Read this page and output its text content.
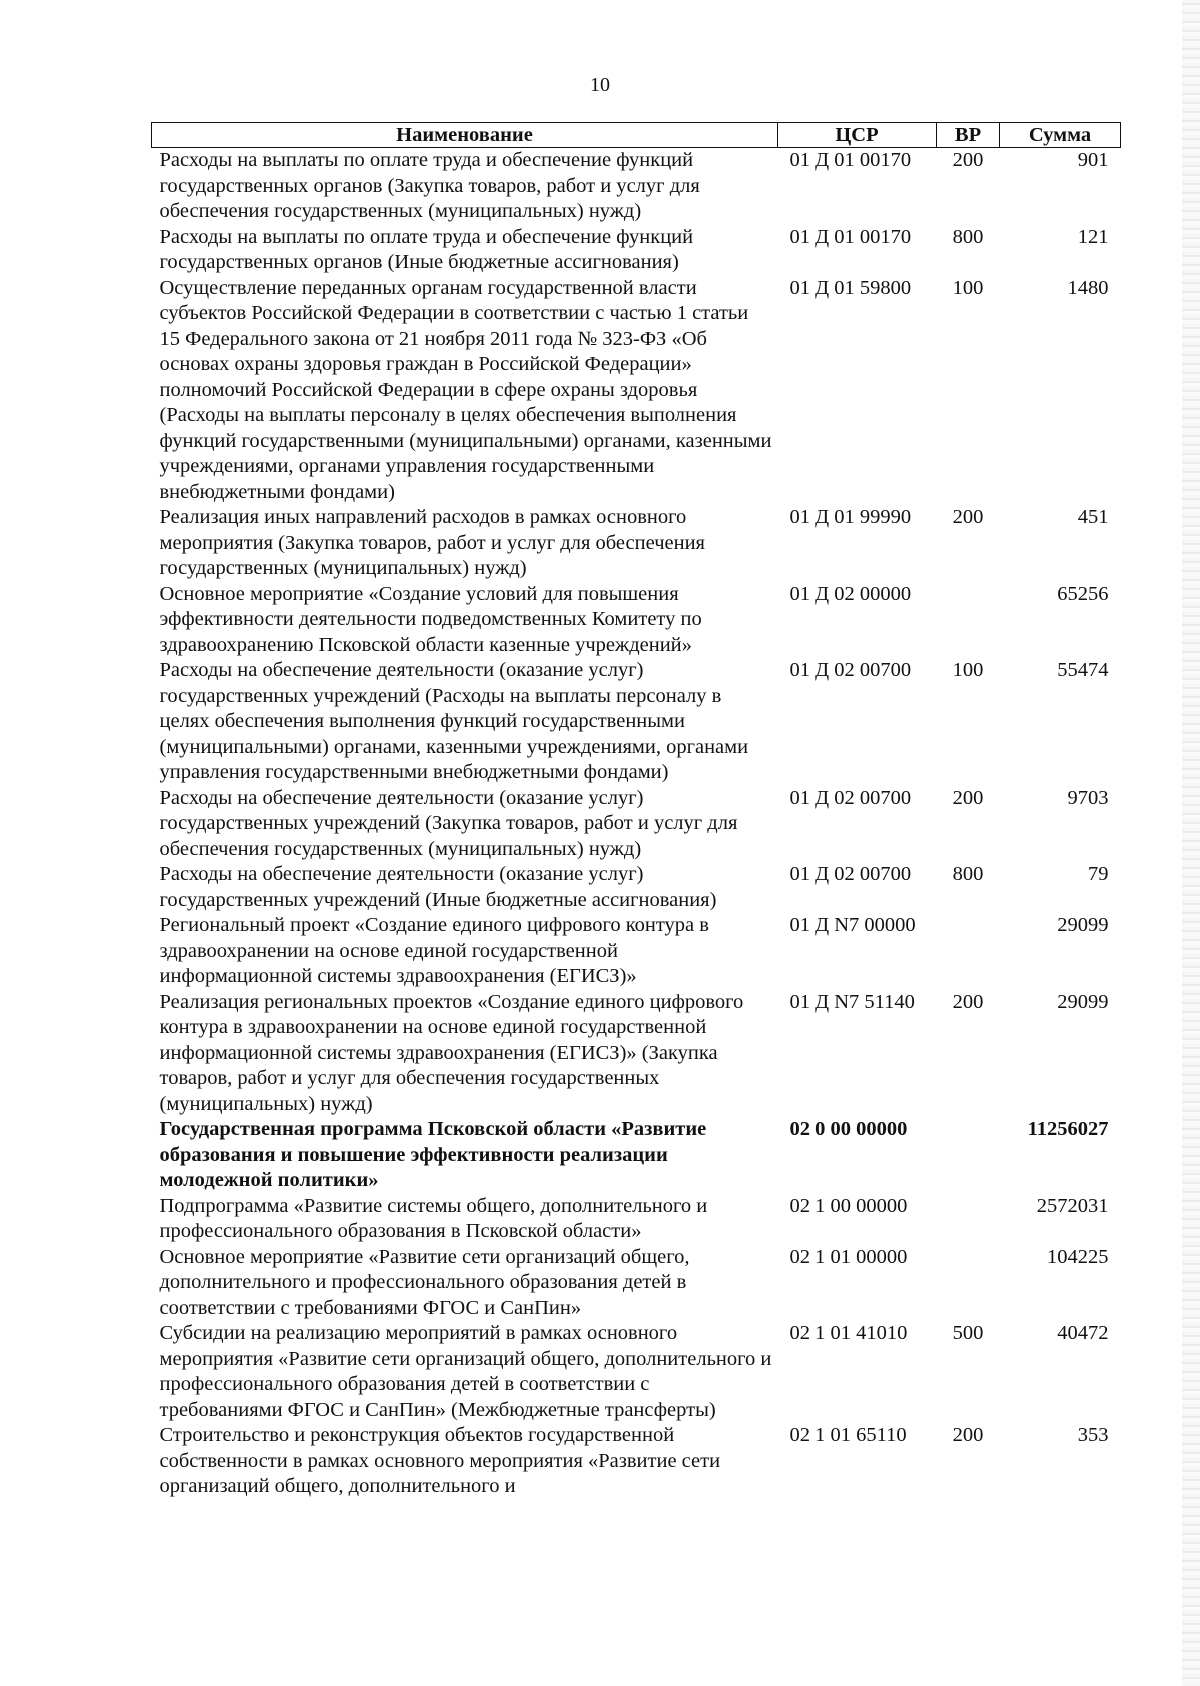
10
Наименование	ЦСР	ВР	Сумма
Расходы на выплаты по оплате труда и обеспечение функций государственных органов (Закупка товаров, работ и услуг для обеспечения государственных (муниципальных) нужд)	01 Д 01 00170	200	901
Расходы на выплаты по оплате труда и обеспечение функций государственных органов (Иные бюджетные ассигнования)	01 Д 01 00170	800	121
Осуществление переданных органам государственной власти субъектов Российской Федерации в соответствии с частью 1 статьи 15 Федерального закона от 21 ноября 2011 года № 323-ФЗ «Об основах охраны здоровья граждан в Российской Федерации» полномочий Российской Федерации в сфере охраны здоровья (Расходы на выплаты персоналу в целях обеспечения выполнения функций государственными (муниципальными) органами, казенными учреждениями, органами управления государственными внебюджетными фондами)	01 Д 01 59800	100	1480
Реализация иных направлений расходов в рамках основного мероприятия (Закупка товаров, работ и услуг для обеспечения государственных (муниципальных) нужд)	01 Д 01 99990	200	451
Основное мероприятие «Создание условий для повышения эффективности деятельности подведомственных Комитету по здравоохранению Псковской области казенные учреждений»	01 Д 02 00000		65256
Расходы на обеспечение деятельности (оказание услуг) государственных учреждений (Расходы на выплаты персоналу в целях обеспечения выполнения функций государственными (муниципальными) органами, казенными учреждениями, органами управления государственными внебюджетными фондами)	01 Д 02 00700	100	55474
Расходы на обеспечение деятельности (оказание услуг) государственных учреждений (Закупка товаров, работ и услуг для обеспечения государственных (муниципальных) нужд)	01 Д 02 00700	200	9703
Расходы на обеспечение деятельности (оказание услуг) государственных учреждений (Иные бюджетные ассигнования)	01 Д 02 00700	800	79
Региональный проект «Создание единого цифрового контура в здравоохранении на основе единой государственной информационной системы здравоохранения (ЕГИСЗ)»	01 Д N7 00000		29099
Реализация региональных проектов «Создание единого цифрового контура в здравоохранении на основе единой государственной информационной системы здравоохранения (ЕГИСЗ)» (Закупка товаров, работ и услуг для обеспечения государственных (муниципальных) нужд)	01 Д N7 51140	200	29099
Государственная программа Псковской области «Развитие образования и повышение эффективности реализации молодежной политики»	02 0 00 00000		11256027
Подпрограмма «Развитие системы общего, дополнительного и профессионального образования в Псковской области»	02 1 00 00000		2572031
Основное мероприятие «Развитие сети организаций общего, дополнительного и профессионального образования детей в соответствии с требованиями ФГОС и СанПин»	02 1 01 00000		104225
Субсидии на реализацию мероприятий в рамках основного мероприятия «Развитие сети организаций общего, дополнительного и профессионального образования детей в соответствии с требованиями ФГОС и СанПин» (Межбюджетные трансферты)	02 1 01 41010	500	40472
Строительство и реконструкция объектов государственной собственности в рамках основного мероприятия «Развитие сети организаций общего, дополнительного и	02 1 01 65110	200	353
